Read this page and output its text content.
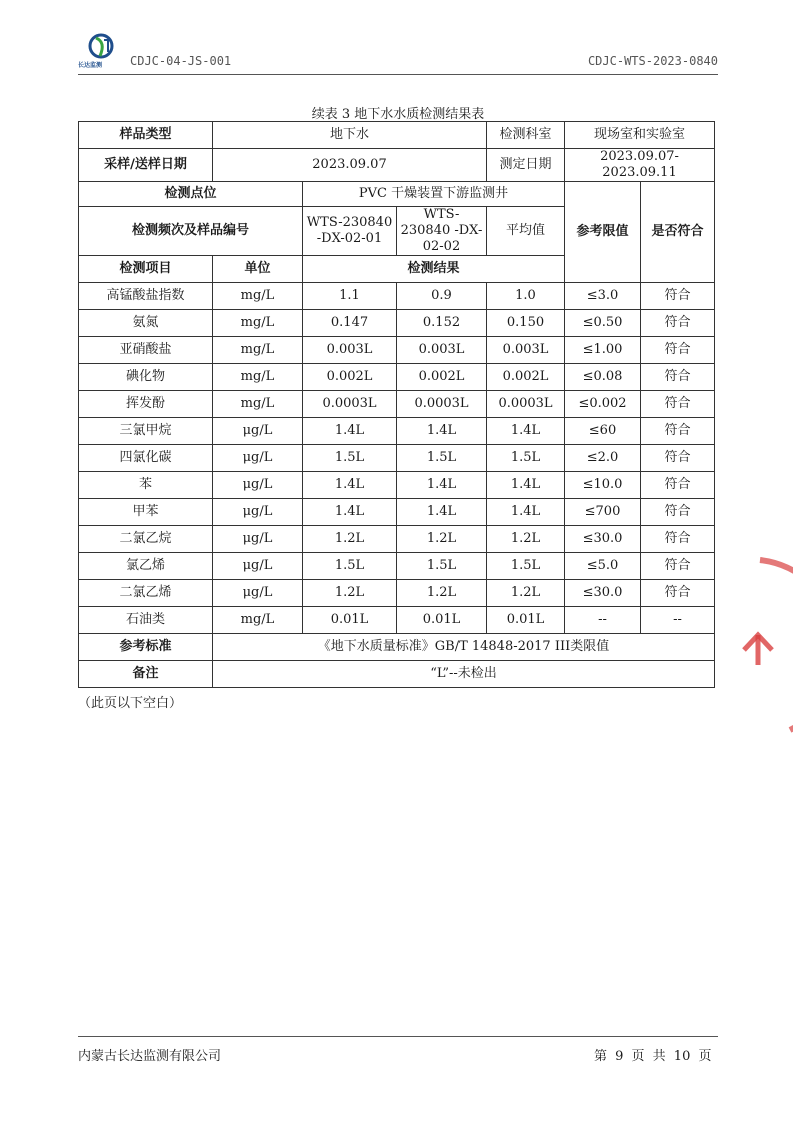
长达监测 CDJC-04-JS-001	CDJC-WTS-2023-0840
续表 3 地下水水质检测结果表
样品类型	地下水			检测科室	现场室和实验室	
采样/送样日期	2023.09.07			测定日期	2023.09.07-2023.09.11	
检测点位		PVC 干燥装置下游监测井			参考限值	是否符合
检测频次及样品编号		WTS-230840 -DX-02-01	WTS-230840 -DX-02-02	平均值		
检测项目	单位	检测结果				
高锰酸盐指数	mg/L	1.1	0.9	1.0	≤3.0	符合
氨氮	mg/L	0.147	0.152	0.150	≤0.50	符合
亚硝酸盐	mg/L	0.003L	0.003L	0.003L	≤1.00	符合
碘化物	mg/L	0.002L	0.002L	0.002L	≤0.08	符合
挥发酚	mg/L	0.0003L	0.0003L	0.0003L	≤0.002	符合
三氯甲烷	μg/L	1.4L	1.4L	1.4L	≤60	符合
四氯化碳	μg/L	1.5L	1.5L	1.5L	≤2.0	符合
苯	μg/L	1.4L	1.4L	1.4L	≤10.0	符合
甲苯	μg/L	1.4L	1.4L	1.4L	≤700	符合
二氯乙烷	μg/L	1.2L	1.2L	1.2L	≤30.0	符合
氯乙烯	μg/L	1.5L	1.5L	1.5L	≤5.0	符合
二氯乙烯	μg/L	1.2L	1.2L	1.2L	≤30.0	符合
石油类	mg/L	0.01L	0.01L	0.01L	--	--
参考标准	《地下水质量标准》GB/T 14848-2017 III类限值					
备注	“L”--未检出					
（此页以下空白）
内蒙古长达监测有限公司	第 9 页 共 10 页
